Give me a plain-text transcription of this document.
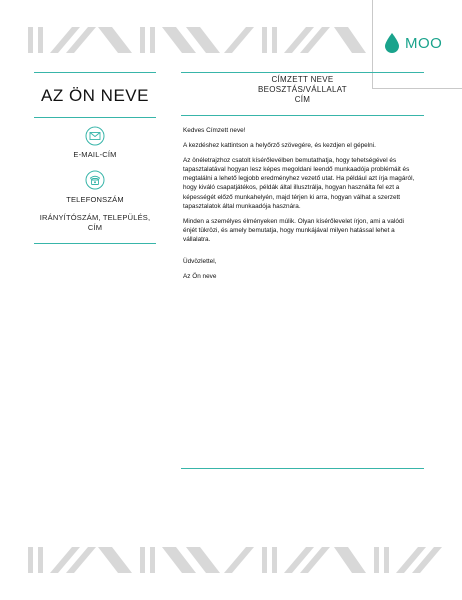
MOO
AZ ÖN NEVE
E-MAIL-CÍM
TELEFONSZÁM
IRÁNYÍTÓSZÁM, TELEPÜLÉS, CÍM
CÍMZETT NEVE
BEOSZTÁS/VÁLLALAT
CÍM

Kedves Címzett neve!

A kezdéshez kattintson a helyőrző szövegére, és kezdjen el gépelni.

Az önéletrajzhoz csatolt kísérőlevélben bemutathatja, hogy tehetségével és tapasztalatával hogyan lesz képes megoldani leendő munkaadója problémáit és megtalálni a lehető legjobb eredményhez vezető utat. Ha például azt írja magáról, hogy kiváló csapatjátékos, példák által illusztrálja, hogyan használta fel ezt a képességét előző munkahelyén, majd térjen ki arra, hogyan válhat a szerzett tapasztalatok által munkaadója hasznára.

Minden a személyes élményeken múlik. Olyan kísérőlevelet írjon, ami a valódi énjét tükrözi, és amely bemutatja, hogy munkájával milyen hatással lehet a vállalatra.

Üdvözlettel,

Az Ön neve
